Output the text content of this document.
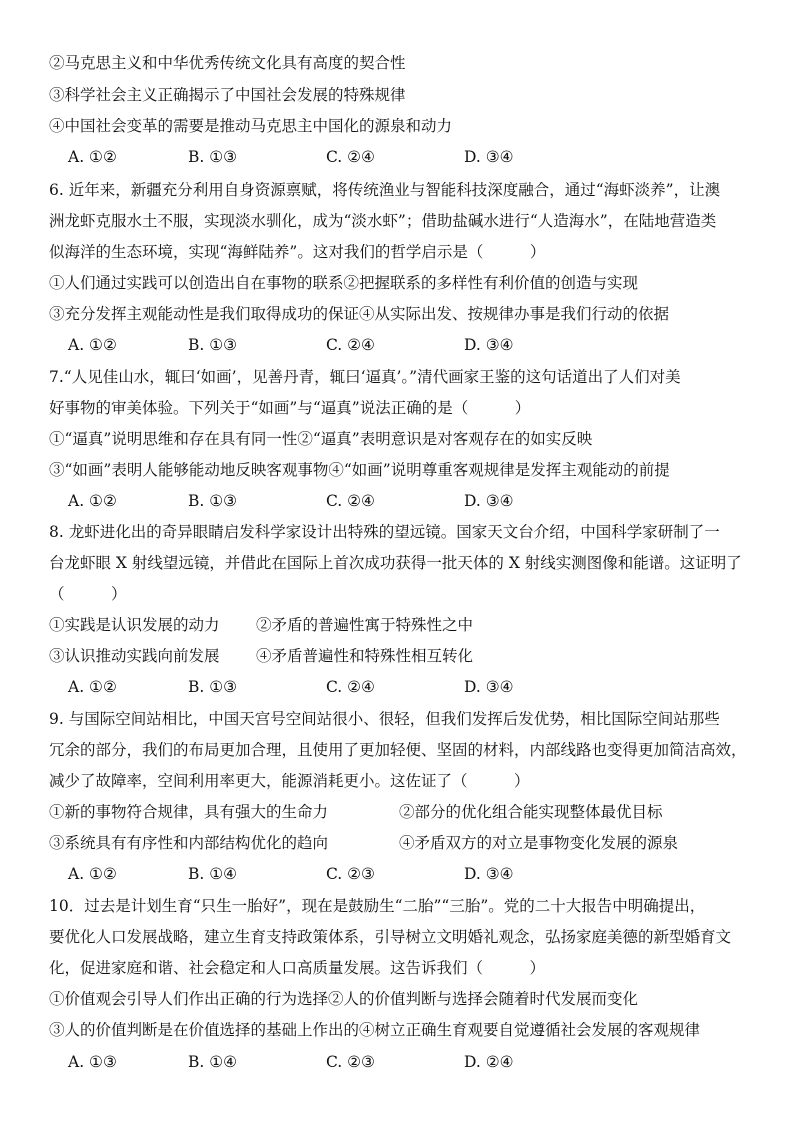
②马克思主义和中华优秀传统文化具有高度的契合性
③科学社会主义正确揭示了中国社会发展的特殊规律
④中国社会变革的需要是推动马克思主中国化的源泉和动力
A. ①②	B. ①③	C. ②④	D. ③④
6. 近年来，新疆充分利用自身资源禀赋，将传统渔业与智能科技深度融合，通过“海虾淡养”，让澳
洲龙虾克服水土不服，实现淡水驯化，成为“淡水虾”；借助盐碱水进行“人造海水”，在陆地营造类
似海洋的生态环境，实现“海鲜陆养”。这对我们的哲学启示是（　　　）
①人们通过实践可以创造出自在事物的联系②把握联系的多样性有利价值的创造与实现
③充分发挥主观能动性是我们取得成功的保证④从实际出发、按规律办事是我们行动的依据
A. ①②	B. ①③	C. ②④	D. ③④
7.“人见佳山水，辄曰‘如画’，见善丹青，辄曰‘逼真’。”清代画家王鉴的这句话道出了人们对美
好事物的审美体验。下列关于“如画”与“逼真”说法正确的是（　　　）
①“逼真”说明思维和存在具有同一性②“逼真”表明意识是对客观存在的如实反映
③“如画”表明人能够能动地反映客观事物④“如画”说明尊重客观规律是发挥主观能动的前提
A. ①②	B. ①③	C. ②④	D. ③④
8. 龙虾进化出的奇异眼睛启发科学家设计出特殊的望远镜。国家天文台介绍，中国科学家研制了一
台龙虾眼 X 射线望远镜，并借此在国际上首次成功获得一批天体的 X 射线实测图像和能谱。这证明了
（　　　）
①实践是认识发展的动力 ②矛盾的普遍性寓于特殊性之中
③认识推动实践向前发展 ④矛盾普遍性和特殊性相互转化
A. ①②	B. ①③	C. ②④	D. ③④
9. 与国际空间站相比，中国天宫号空间站很小、很轻，但我们发挥后发优势，相比国际空间站那些
冗余的部分，我们的布局更加合理，且使用了更加轻便、坚固的材料，内部线路也变得更加简洁高效，
减少了故障率，空间利用率更大，能源消耗更小。这佐证了（　　　）
①新的事物符合规律，具有强大的生命力	②部分的优化组合能实现整体最优目标
③系统具有有序性和内部结构优化的趋向	④矛盾双方的对立是事物变化发展的源泉
A. ①②	B. ①④	C. ②③	D. ③④
10．过去是计划生育“只生一胎好”，现在是鼓励生“二胎”“三胎”。党的二十大报告中明确提出，
要优化人口发展战略，建立生育支持政策体系，引导树立文明婚礼观念，弘扬家庭美德的新型婚育文
化，促进家庭和谐、社会稳定和人口高质量发展。这告诉我们（　　　）
①价值观会引导人们作出正确的行为选择②人的价值判断与选择会随着时代发展而变化
③人的价值判断是在价值选择的基础上作出的④树立正确生育观要自觉遵循社会发展的客观规律
A. ①③	B. ①④	C. ②③	D. ②④
